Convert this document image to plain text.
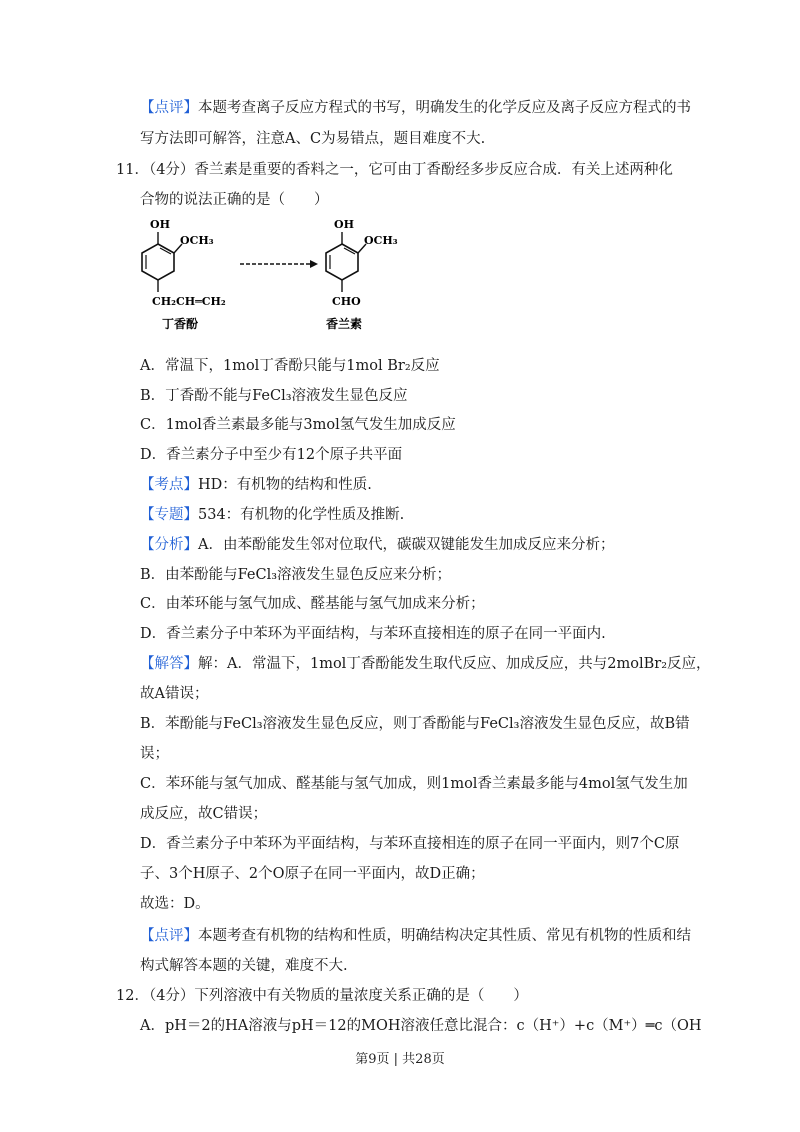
【点评】本题考查离子反应方程式的书写，明确发生的化学反应及离子反应方程式的书
写方法即可解答，注意A、C为易错点，题目难度不大.
11．（4分）香兰素是重要的香料之一，它可由丁香酚经多步反应合成．有关上述两种化
合物的说法正确的是（　　）
OH
OCH₃
CH₂CH═CH₂
丁香酚
OH
OCH₃
CHO
香兰素
A．常温下，1mol丁香酚只能与1mol Br₂反应
B．丁香酚不能与FeCl₃溶液发生显色反应
C．1mol香兰素最多能与3mol氢气发生加成反应
D．香兰素分子中至少有12个原子共平面
【考点】HD：有机物的结构和性质.
【专题】534：有机物的化学性质及推断.
【分析】A．由苯酚能发生邻对位取代，碳碳双键能发生加成反应来分析；
B．由苯酚能与FeCl₃溶液发生显色反应来分析；
C．由苯环能与氢气加成、醛基能与氢气加成来分析；
D．香兰素分子中苯环为平面结构，与苯环直接相连的原子在同一平面内.
【解答】解：A．常温下，1mol丁香酚能发生取代反应、加成反应，共与2molBr₂反应，
故A错误；
B．苯酚能与FeCl₃溶液发生显色反应，则丁香酚能与FeCl₃溶液发生显色反应，故B错
误；
C．苯环能与氢气加成、醛基能与氢气加成，则1mol香兰素最多能与4mol氢气发生加
成反应，故C错误；
D．香兰素分子中苯环为平面结构，与苯环直接相连的原子在同一平面内，则7个C原
子、3个H原子、2个O原子在同一平面内，故D正确；
故选：D。
【点评】本题考查有机物的结构和性质，明确结构决定其性质、常见有机物的性质和结
构式解答本题的关键，难度不大.
12．（4分）下列溶液中有关物质的量浓度关系正确的是（　　）
A．pH＝2的HA溶液与pH＝12的MOH溶液任意比混合：c（H⁺）+c（M⁺）═c（OH
第9页 | 共28页
